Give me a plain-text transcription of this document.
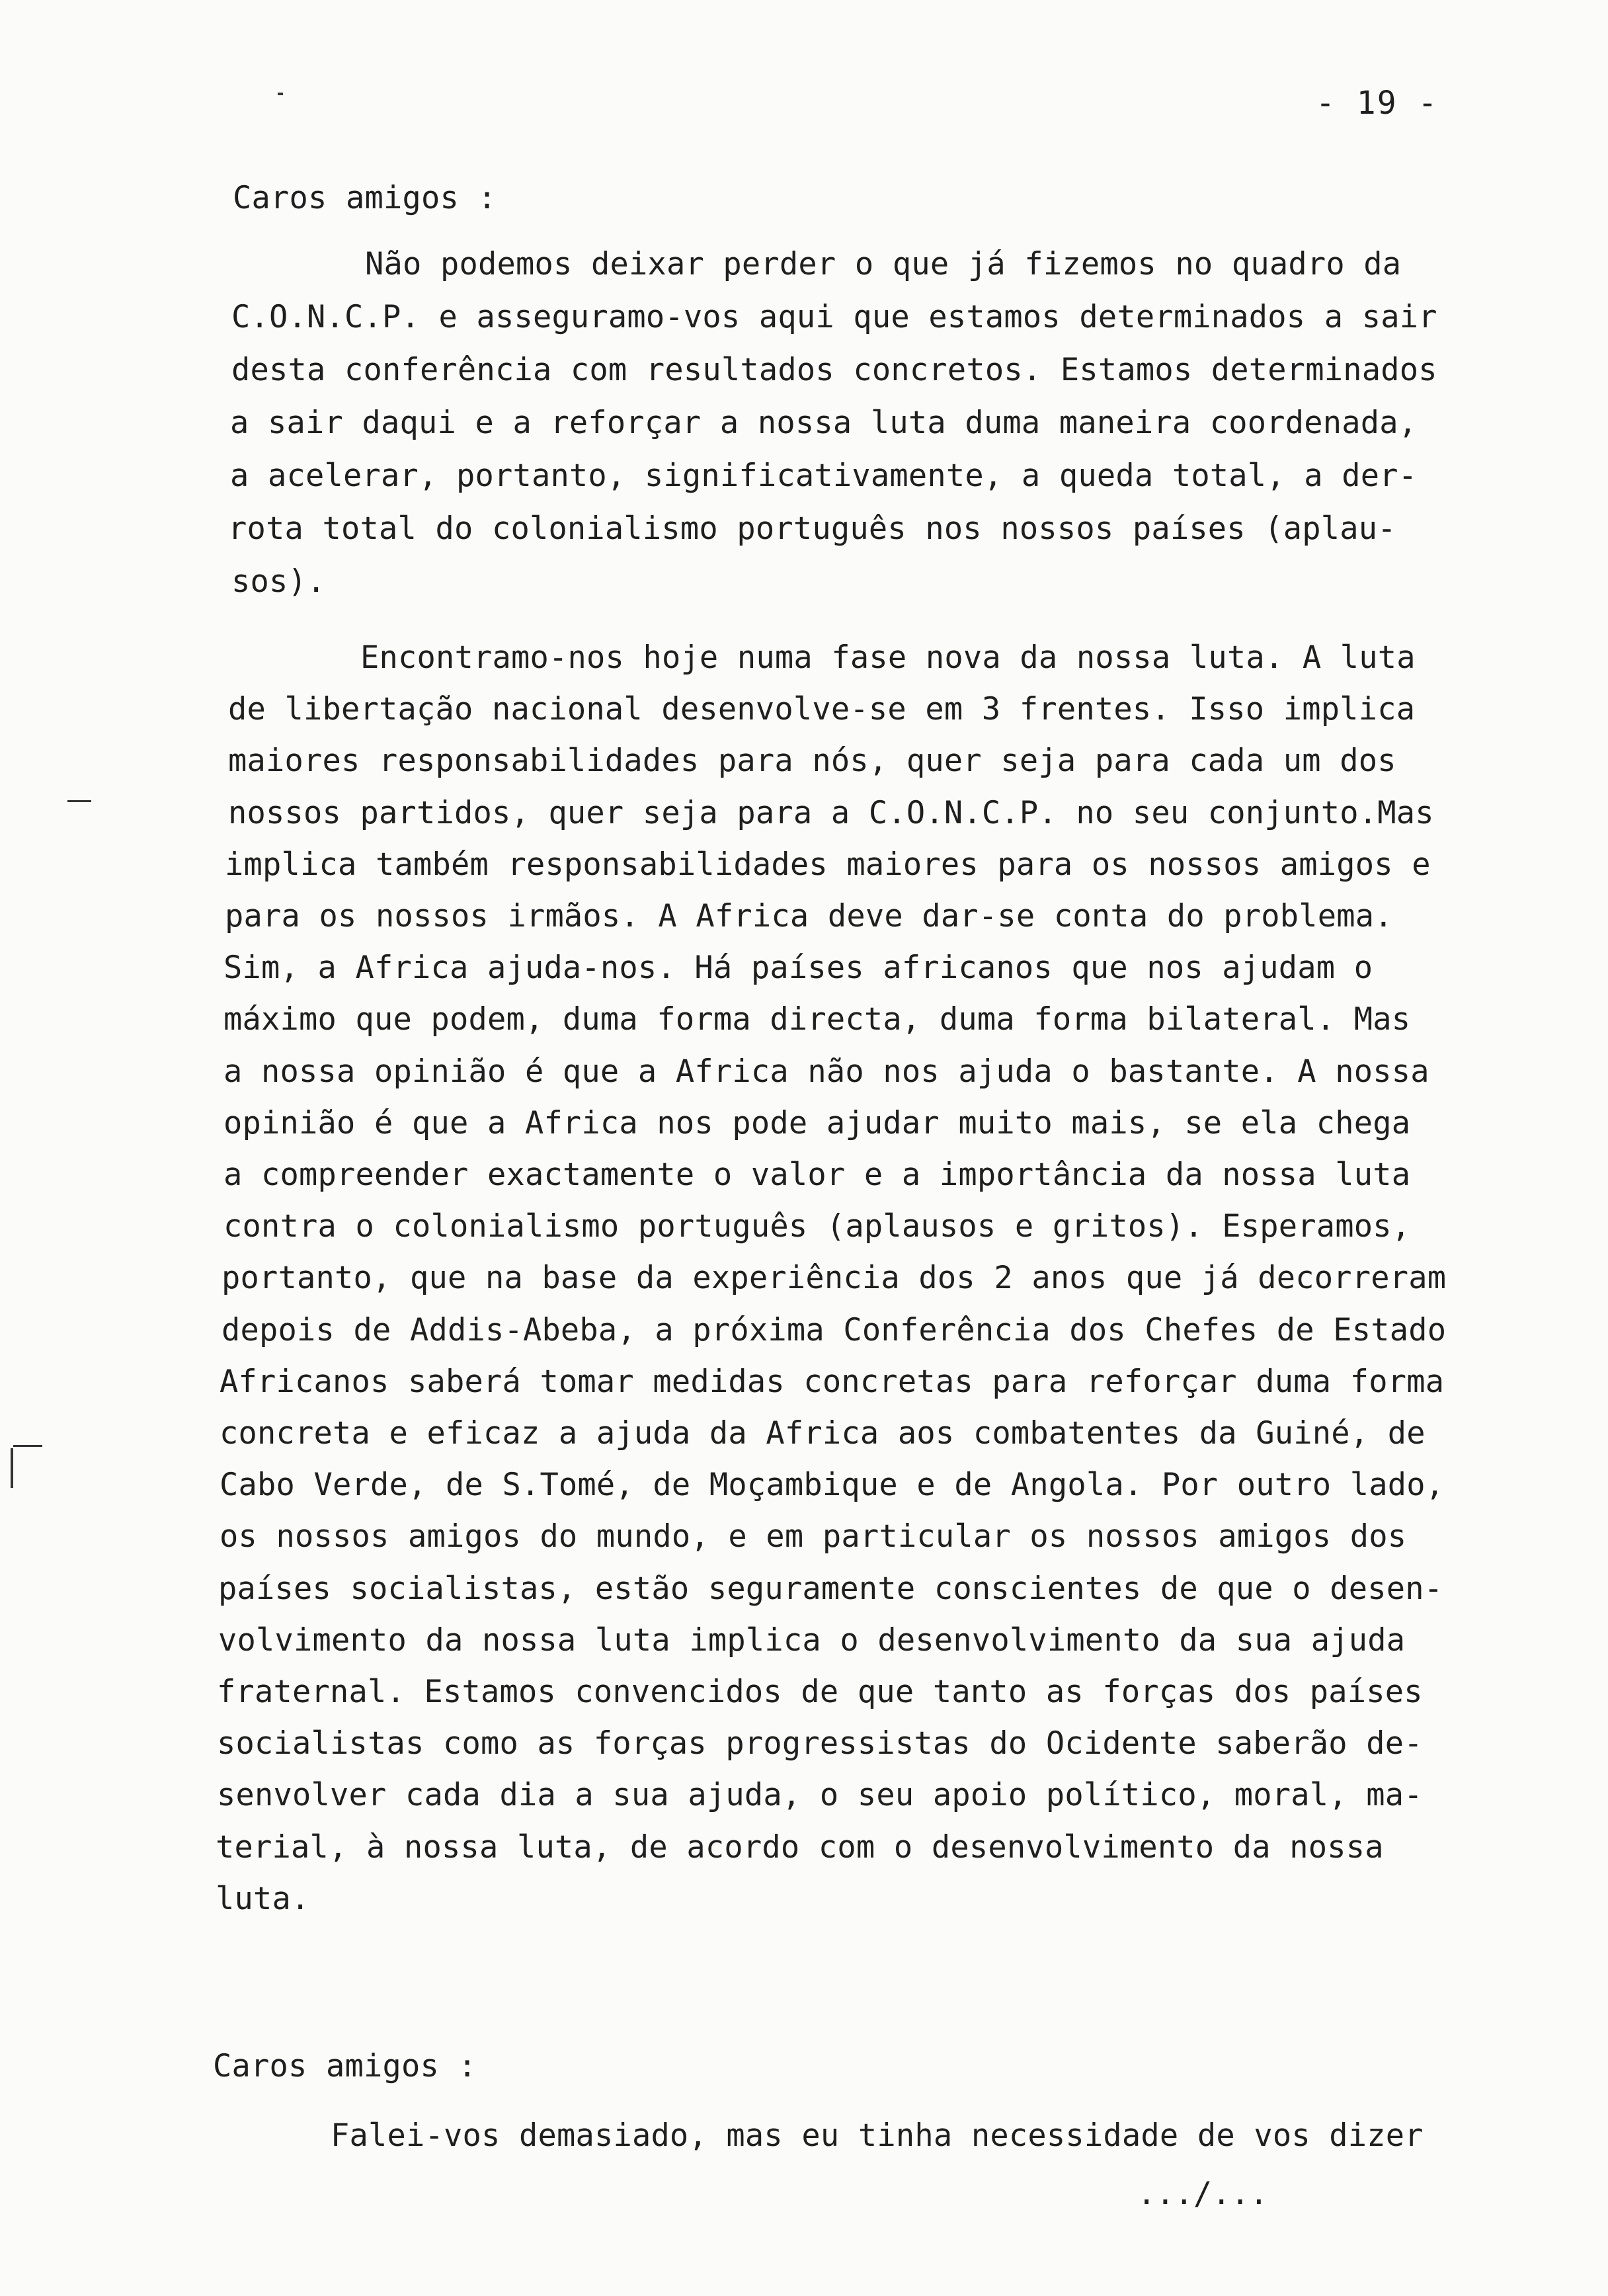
- 19 -
Caros amigos :
Não podemos deixar perder o que já fizemos no quadro da
C.O.N.C.P. e asseguramo-vos aqui que estamos determinados a sair
desta conferência com resultados concretos. Estamos determinados
a sair daqui e a reforçar a nossa luta duma maneira coordenada,
a acelerar, portanto, significativamente, a queda total, a der-
rota total do colonialismo português nos nossos países (aplau-
sos).
Encontramo-nos hoje numa fase nova da nossa luta. A luta
de libertação nacional desenvolve-se em 3 frentes. Isso implica
maiores responsabilidades para nós, quer seja para cada um dos
nossos partidos, quer seja para a C.O.N.C.P. no seu conjunto.Mas
implica também responsabilidades maiores para os nossos amigos e
para os nossos irmãos. A Africa deve dar-se conta do problema.
Sim, a Africa ajuda-nos. Há países africanos que nos ajudam o
máximo que podem, duma forma directa, duma forma bilateral. Mas
a nossa opinião é que a Africa não nos ajuda o bastante. A nossa
opinião é que a Africa nos pode ajudar muito mais, se ela chega
a compreender exactamente o valor e a importância da nossa luta
contra o colonialismo português (aplausos e gritos). Esperamos,
portanto, que na base da experiência dos 2 anos que já decorreram
depois de Addis-Abeba, a próxima Conferência dos Chefes de Estado
Africanos saberá tomar medidas concretas para reforçar duma forma
concreta e eficaz a ajuda da Africa aos combatentes da Guiné, de
Cabo Verde, de S.Tomé, de Moçambique e de Angola. Por outro lado,
os nossos amigos do mundo, e em particular os nossos amigos dos
países socialistas, estão seguramente conscientes de que o desen-
volvimento da nossa luta implica o desenvolvimento da sua ajuda
fraternal. Estamos convencidos de que tanto as forças dos países
socialistas como as forças progressistas do Ocidente saberão de-
senvolver cada dia a sua ajuda, o seu apoio político, moral, ma-
terial, à nossa luta, de acordo com o desenvolvimento da nossa
luta.
Caros amigos :
Falei-vos demasiado, mas eu tinha necessidade de vos dizer
.../...
